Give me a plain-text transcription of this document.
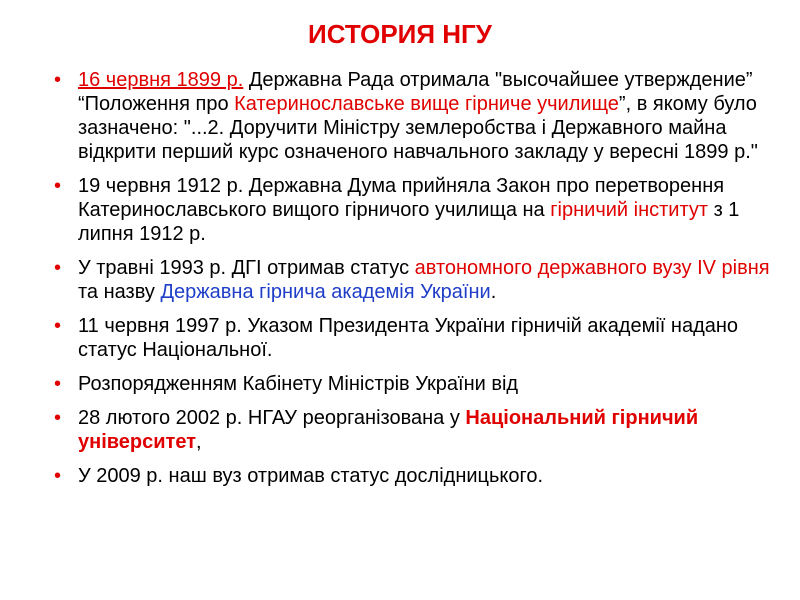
ИСТОРИЯ НГУ
• 16 червня 1899 р. Державна Рада отримала "высочайшее утверждение” “Положення про Катеринославське вище гірниче училище”, в якому було зазначено: "...2. Доручити Міністру землеробства і Державного майна відкрити перший курс означеного навчального закладу у вересні 1899 р."
• 19 червня 1912 р. Державна Дума прийняла Закон про перетворення Катеринославського вищого гірничого училища на гірничий інститут з 1 липня 1912 р.
• У травні 1993 р. ДГІ отримав статус автономного державного вузу IV рівня та назву Державна гірнича академія України.
• 11 червня 1997 р. Указом Президента України гірничій академії надано статус Національної.
• Розпорядженням Кабінету Міністрів України від
• 28 лютого 2002 р. НГАУ реорганізована у Національний гірничий університет,
• У 2009 р. наш вуз отримав статус дослідницького.
